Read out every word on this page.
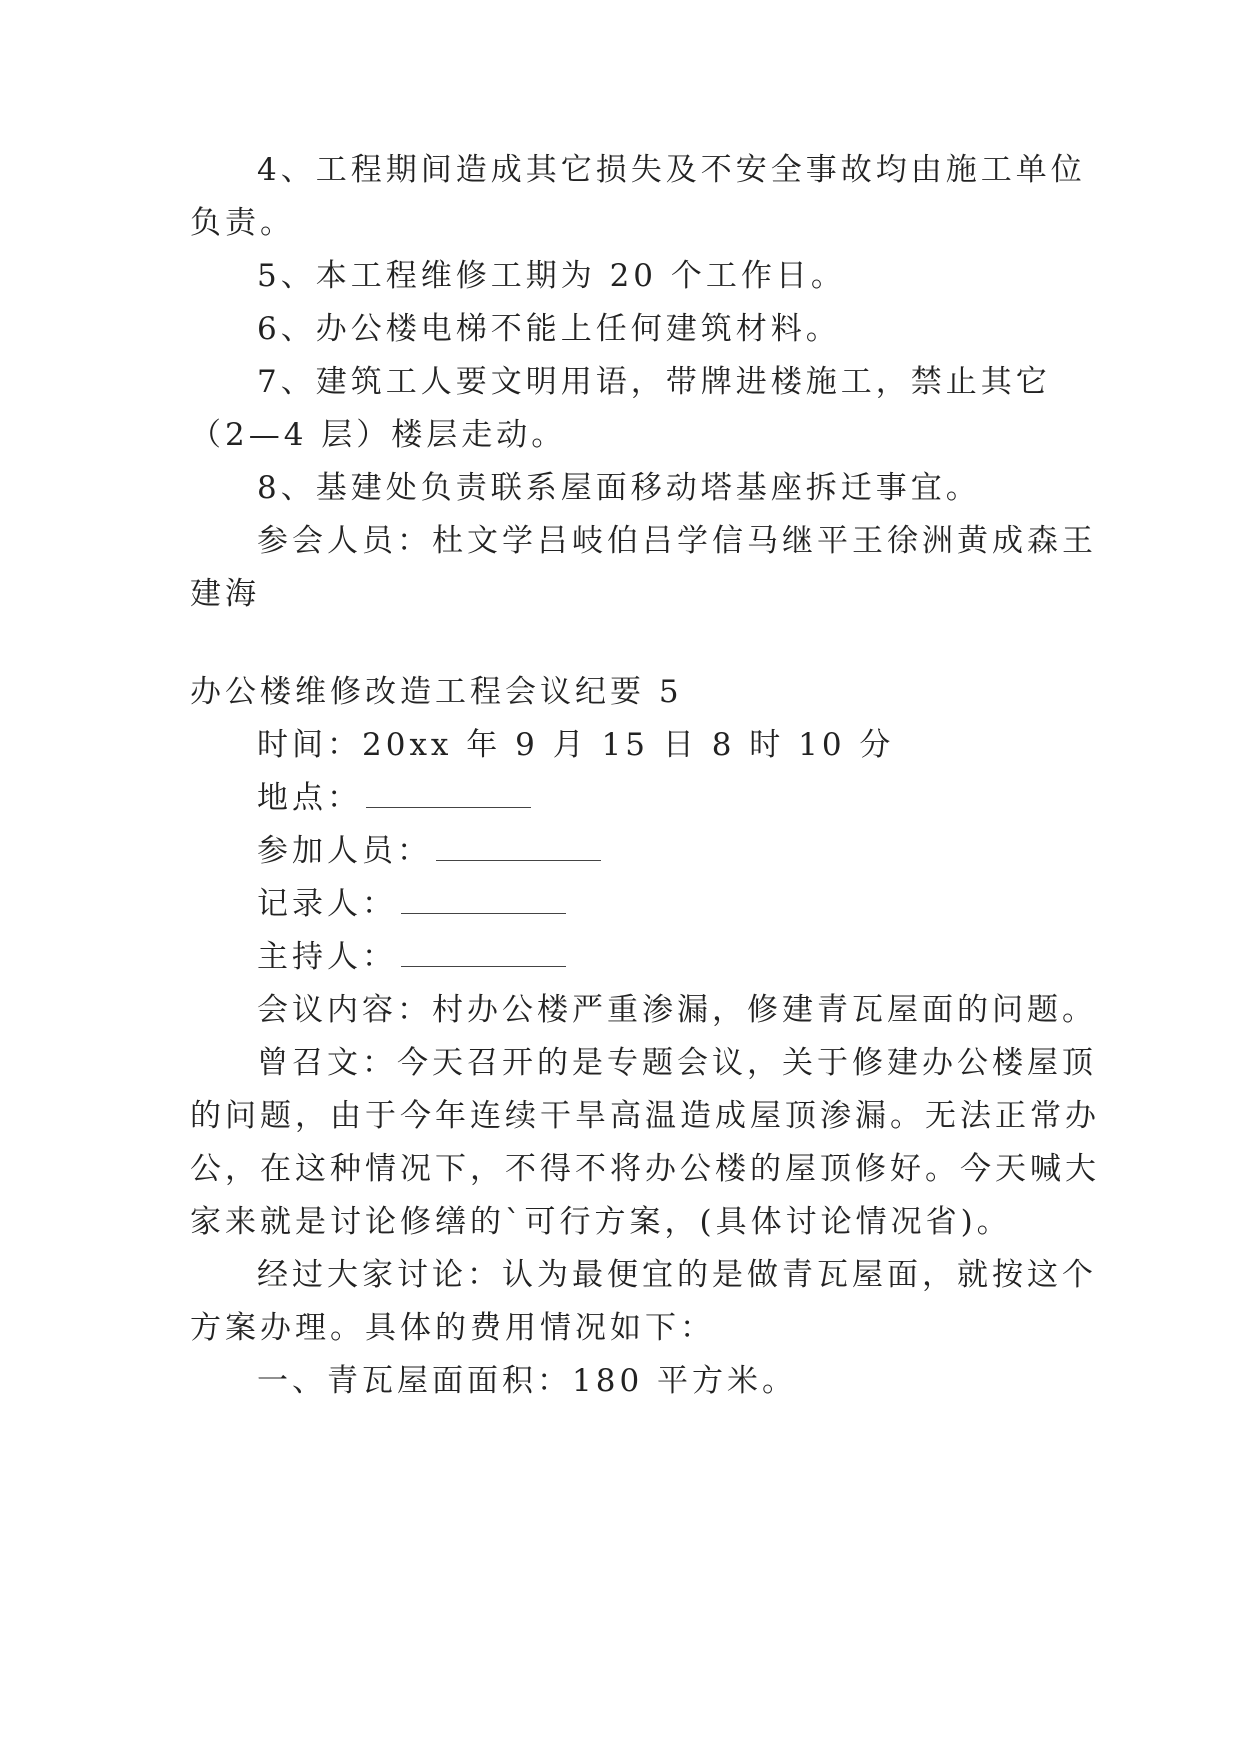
4、工程期间造成其它损失及不安全事故均由施工单位
负责。
5、本工程维修工期为 20 个工作日。
6、办公楼电梯不能上任何建筑材料。
7、建筑工人要文明用语，带牌进楼施工，禁止其它
（2—4 层）楼层走动。
8、基建处负责联系屋面移动塔基座拆迁事宜。
参会人员：杜文学吕岐伯吕学信马继平王徐洲黄成森王
建海
办公楼维修改造工程会议纪要 5
时间：20xx 年 9 月 15 日 8 时 10 分
地点：
参加人员：
记录人：
主持人：
会议内容：村办公楼严重渗漏，修建青瓦屋面的问题。
曾召文：今天召开的是专题会议，关于修建办公楼屋顶
的问题，由于今年连续干旱高温造成屋顶渗漏。无法正常办
公，在这种情况下，不得不将办公楼的屋顶修好。今天喊大
家来就是讨论修缮的`可行方案，(具体讨论情况省)。
经过大家讨论：认为最便宜的是做青瓦屋面，就按这个
方案办理。具体的费用情况如下：
一、青瓦屋面面积：180 平方米。
